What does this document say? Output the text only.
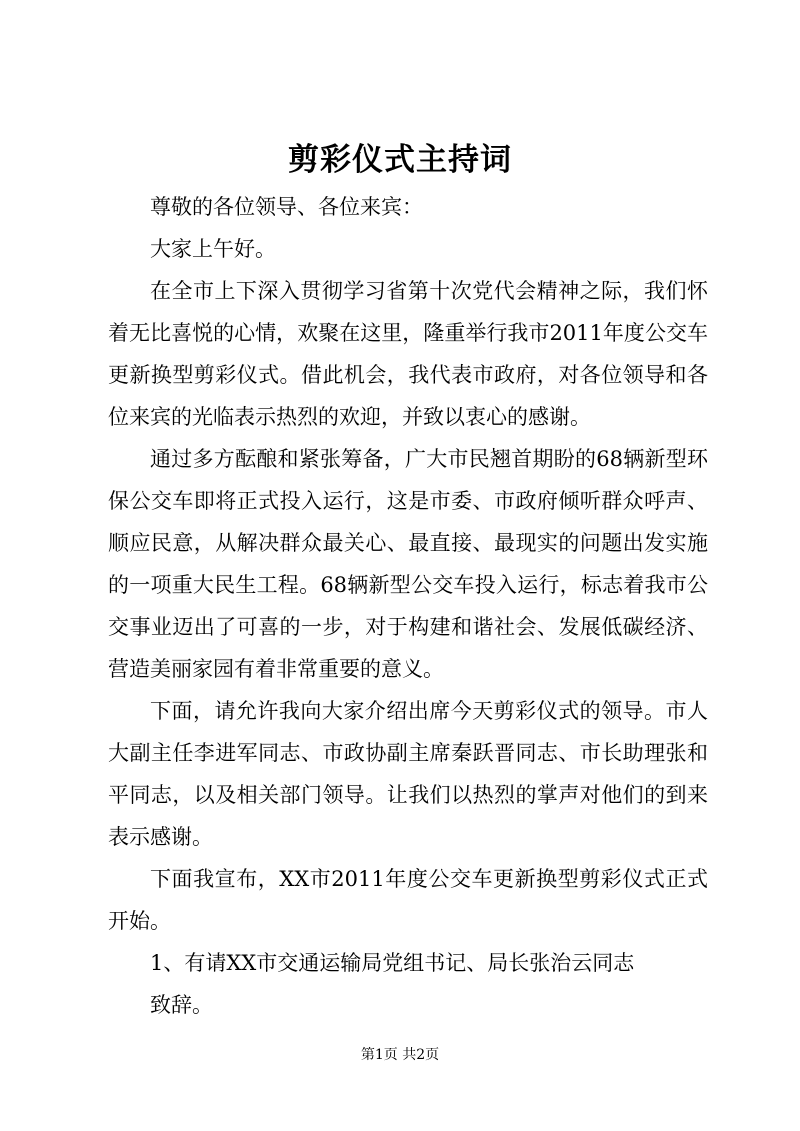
剪彩仪式主持词

尊敬的各位领导、各位来宾：

大家上午好。

在全市上下深入贯彻学习省第十次党代会精神之际，我们怀着无比喜悦的心情，欢聚在这里，隆重举行我市2011年度公交车更新换型剪彩仪式。借此机会，我代表市政府，对各位领导和各位来宾的光临表示热烈的欢迎，并致以衷心的感谢。

通过多方酝酿和紧张筹备，广大市民翘首期盼的68辆新型环保公交车即将正式投入运行，这是市委、市政府倾听群众呼声、顺应民意，从解决群众最关心、最直接、最现实的问题出发实施的一项重大民生工程。68辆新型公交车投入运行，标志着我市公交事业迈出了可喜的一步，对于构建和谐社会、发展低碳经济、营造美丽家园有着非常重要的意义。

下面，请允许我向大家介绍出席今天剪彩仪式的领导。市人大副主任李进军同志、市政协副主席秦跃晋同志、市长助理张和平同志，以及相关部门领导。让我们以热烈的掌声对他们的到来表示感谢。

下面我宣布，XX市2011年度公交车更新换型剪彩仪式正式开始。

1、有请XX市交通运输局党组书记、局长张治云同志

致辞。

第1页 共2页
